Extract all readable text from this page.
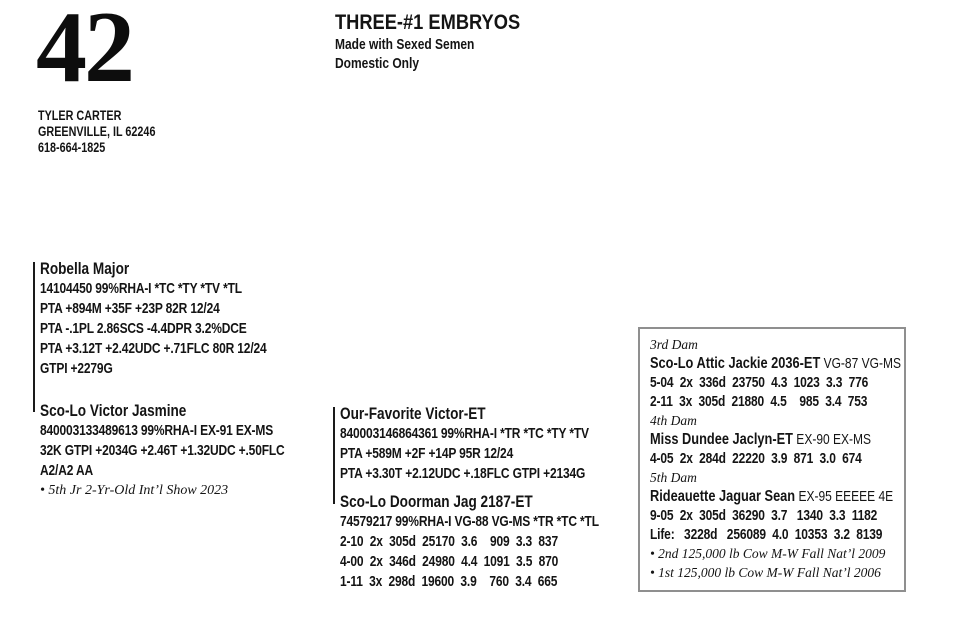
42
TYLER CARTER
GREENVILLE, IL 62246
618-664-1825
THREE-#1 EMBRYOS
Made with Sexed Semen
Domestic Only
Robella Major
14104450 99%RHA-I *TC *TY *TV *TL
PTA +894M +35F +23P 82R 12/24
PTA -.1PL 2.86SCS -4.4DPR 3.2%DCE
PTA +3.12T +2.42UDC +.71FLC 80R 12/24
GTPI +2279G
Sco-Lo Victor Jasmine
840003133489613 99%RHA-I EX-91 EX-MS
32K GTPI +2034G +2.46T +1.32UDC +.50FLC
A2/A2 AA
• 5th Jr 2-Yr-Old Int’l Show 2023
Our-Favorite Victor-ET
840003146864361 99%RHA-I *TR *TC *TY *TV
PTA +589M +2F +14P 95R 12/24
PTA +3.30T +2.12UDC +.18FLC GTPI +2134G
Sco-Lo Doorman Jag 2187-ET
74579217 99%RHA-I VG-88 VG-MS *TR *TC *TL
2-10  2x  305d  25170  3.6    909  3.3  837
4-00  2x  346d  24980  4.4  1091  3.5  870
1-11  3x  298d  19600  3.9    760  3.4  665
3rd Dam
Sco-Lo Attic Jackie 2036-ET VG-87 VG-MS
5-04  2x  336d  23750  4.3  1023  3.3  776
2-11  3x  305d  21880  4.5    985  3.4  753
4th Dam
Miss Dundee Jaclyn-ET EX-90 EX-MS
4-05  2x  284d  22220  3.9  871  3.0  674
5th Dam
Rideauette Jaguar Sean EX-95 EEEEE 4E
9-05  2x  305d  36290  3.7   1340  3.3  1182
Life:   3228d   256089  4.0  10353  3.2  8139
• 2nd 125,000 lb Cow M-W Fall Nat’l 2009
• 1st 125,000 lb Cow M-W Fall Nat’l 2006
